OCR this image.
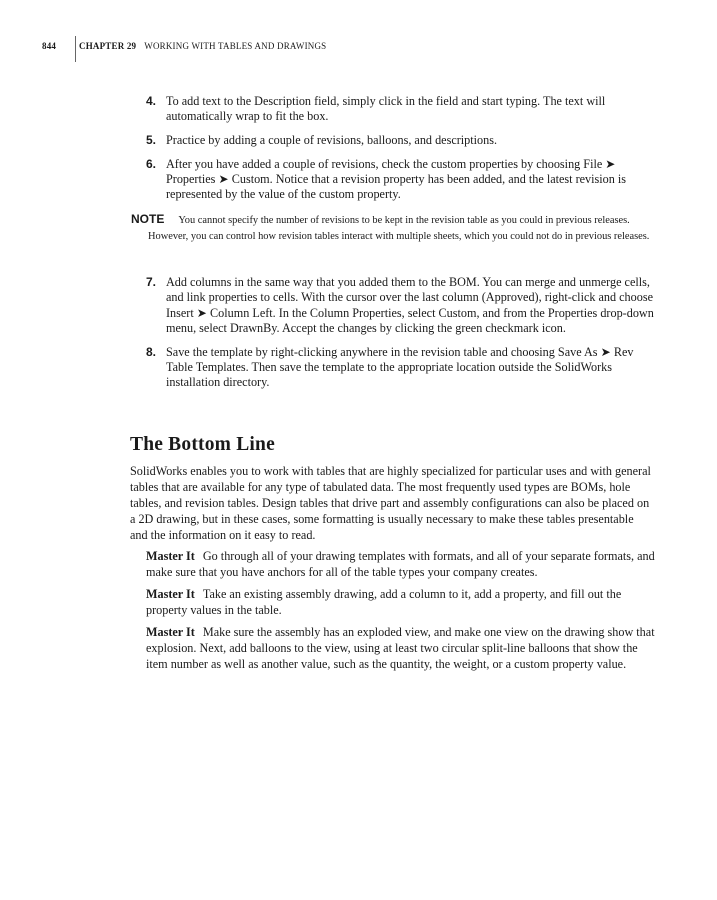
844	CHAPTER 29 WORKING WITH TABLES AND DRAWINGS
4. To add text to the Description field, simply click in the field and start typing. The text will automatically wrap to fit the box.
5. Practice by adding a couple of revisions, balloons, and descriptions.
6. After you have added a couple of revisions, check the custom properties by choosing File ➤ Properties ➤ Custom. Notice that a revision property has been added, and the latest revision is represented by the value of the custom property.
NOTE You cannot specify the number of revisions to be kept in the revision table as you could in previous releases. However, you can control how revision tables interact with multiple sheets, which you could not do in previous releases.
7. Add columns in the same way that you added them to the BOM. You can merge and unmerge cells, and link properties to cells. With the cursor over the last column (Approved), right-click and choose Insert ➤ Column Left. In the Column Properties, select Custom, and from the Properties drop-down menu, select DrawnBy. Accept the changes by clicking the green checkmark icon.
8. Save the template by right-clicking anywhere in the revision table and choosing Save As ➤ Rev Table Templates. Then save the template to the appropriate location outside the SolidWorks installation directory.
The Bottom Line
SolidWorks enables you to work with tables that are highly specialized for particular uses and with general tables that are available for any type of tabulated data. The most frequently used types are BOMs, hole tables, and revision tables. Design tables that drive part and assembly configurations can also be placed on a 2D drawing, but in these cases, some formatting is usually necessary to make these tables presentable and the information on it easy to read.
Master It Go through all of your drawing templates with formats, and all of your separate formats, and make sure that you have anchors for all of the table types your company creates.
Master It Take an existing assembly drawing, add a column to it, add a property, and fill out the property values in the table.
Master It Make sure the assembly has an exploded view, and make one view on the drawing show that explosion. Next, add balloons to the view, using at least two circular split-line balloons that show the item number as well as another value, such as the quantity, the weight, or a custom property value.
